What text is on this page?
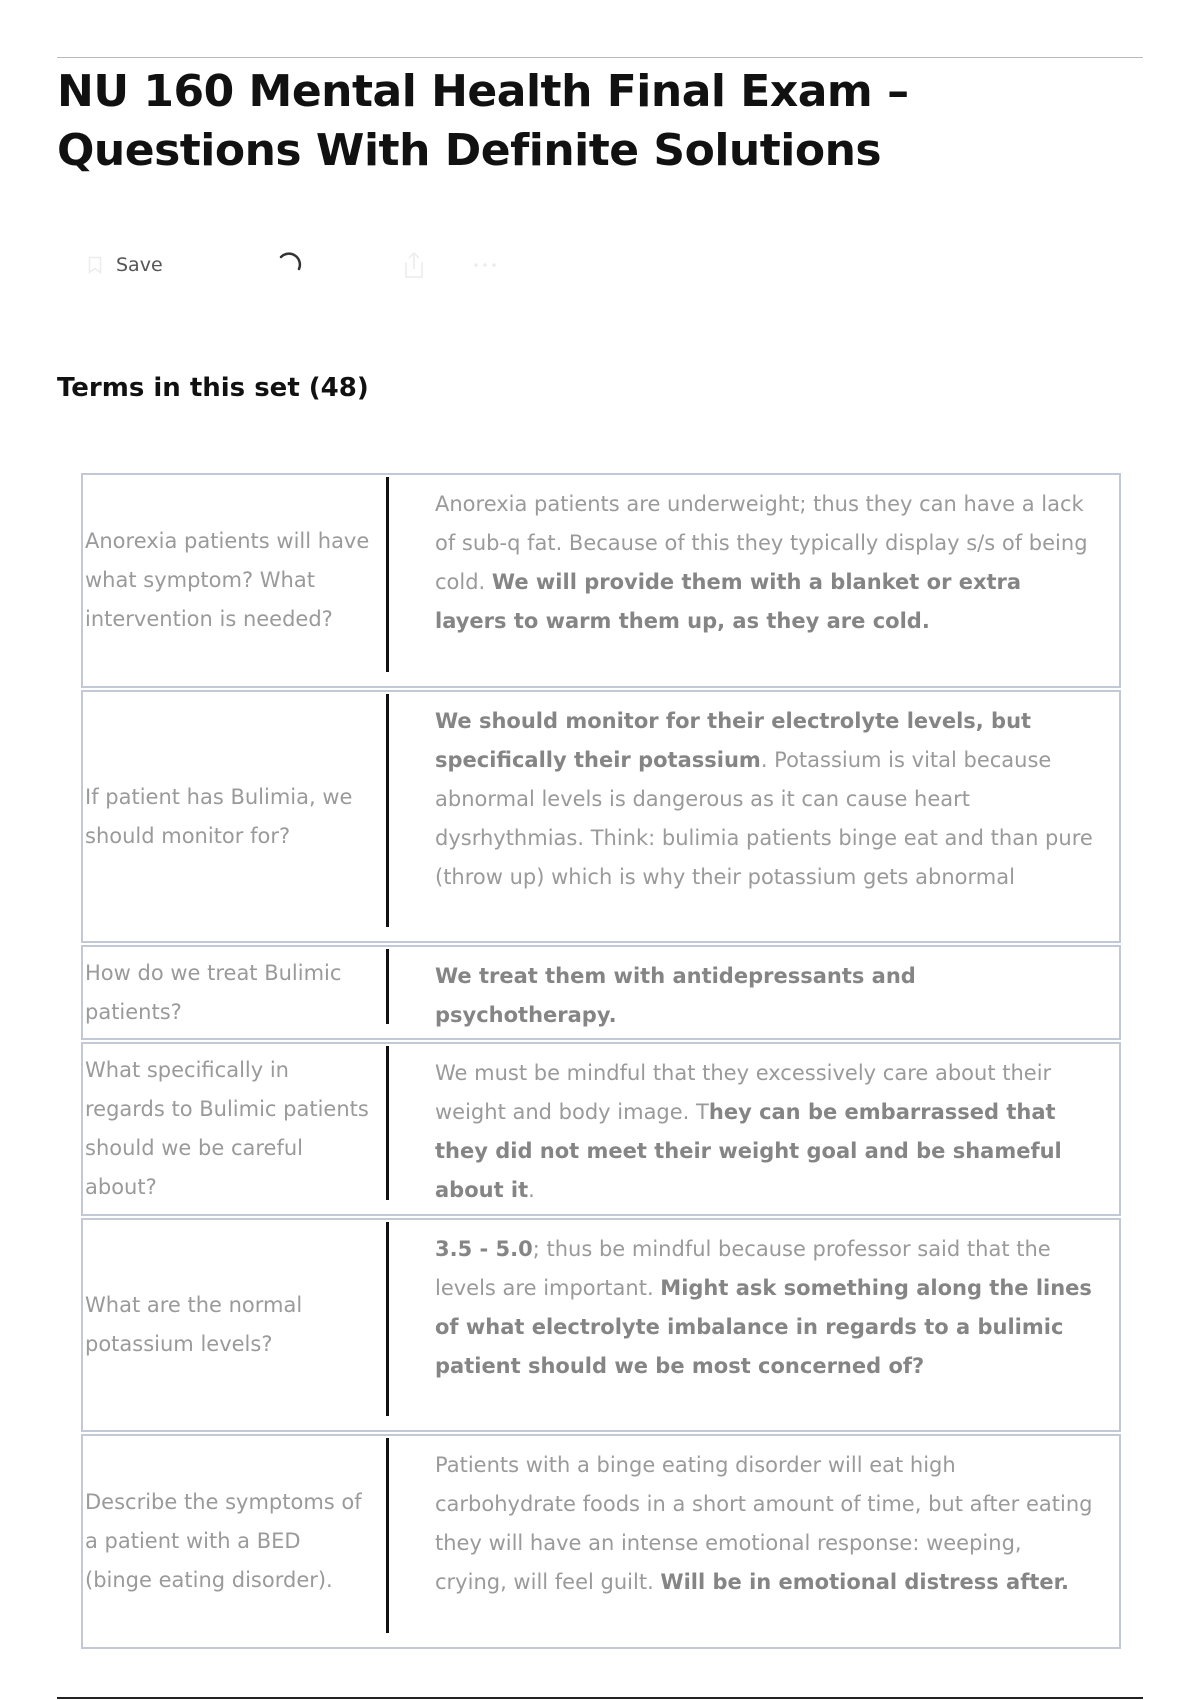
NU 160 Mental Health Final Exam – Questions With Definite Solutions
Save
Terms in this set (48)
Anorexia patients will have what symptom? What intervention is needed?
Anorexia patients are underweight; thus they can have a lack of sub-q fat. Because of this they typically display s/s of being cold. We will provide them with a blanket or extra layers to warm them up, as they are cold.
If patient has Bulimia, we should monitor for?
We should monitor for their electrolyte levels, but specifically their potassium. Potassium is vital because abnormal levels is dangerous as it can cause heart dysrhythmias. Think: bulimia patients binge eat and than pure (throw up) which is why their potassium gets abnormal
How do we treat Bulimic patients?
We treat them with antidepressants and psychotherapy.
What specifically in regards to Bulimic patients should we be careful about?
We must be mindful that they excessively care about their weight and body image. They can be embarrassed that they did not meet their weight goal and be shameful about it.
What are the normal potassium levels?
3.5 - 5.0; thus be mindful because professor said that the levels are important. Might ask something along the lines of what electrolyte imbalance in regards to a bulimic patient should we be most concerned of?
Describe the symptoms of a patient with a BED (binge eating disorder).
Patients with a binge eating disorder will eat high carbohydrate foods in a short amount of time, but after eating they will have an intense emotional response: weeping, crying, will feel guilt. Will be in emotional distress after.
